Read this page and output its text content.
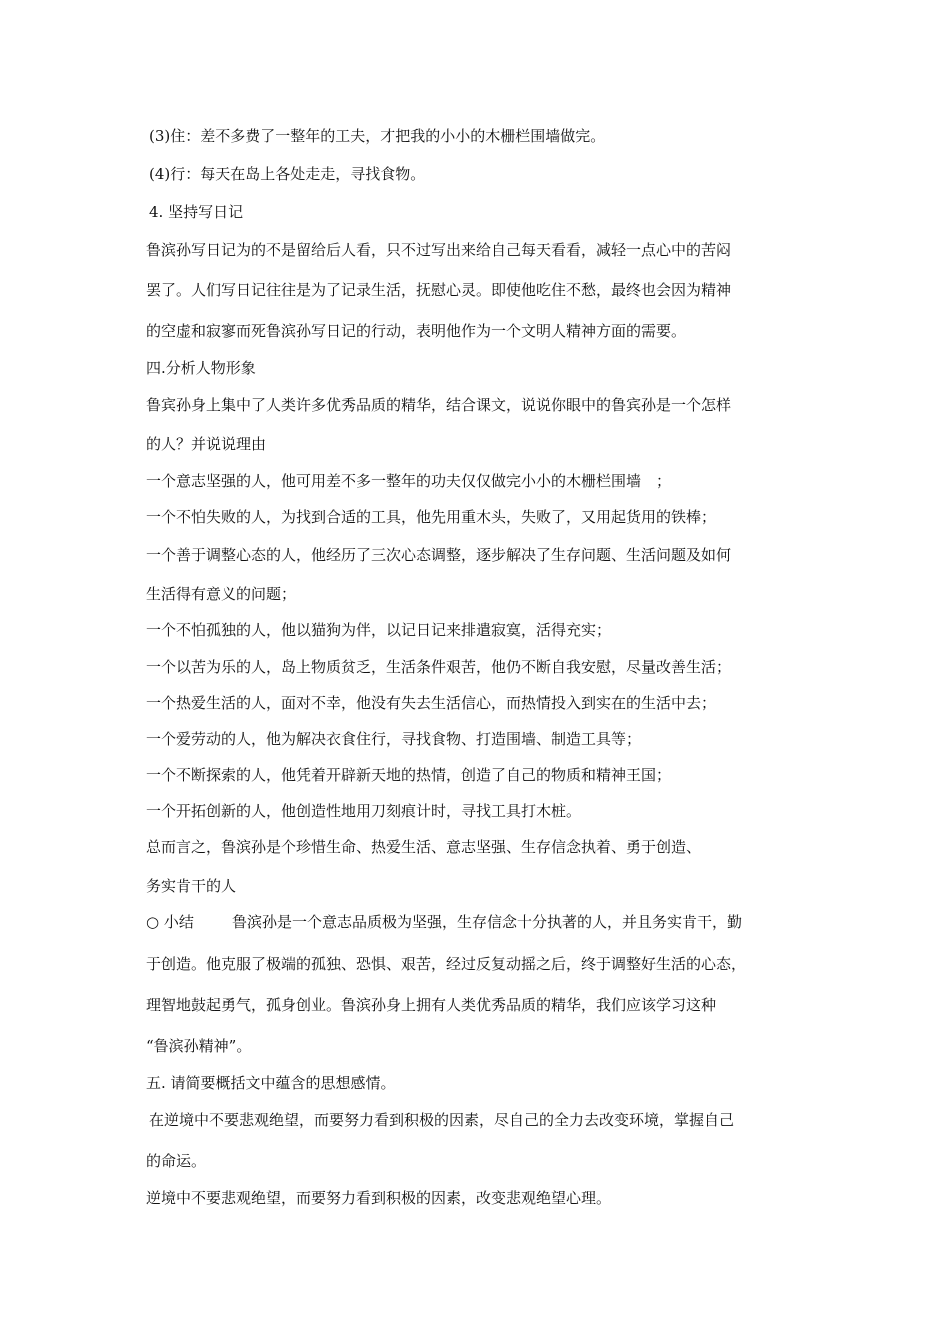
(3)住：差不多费了一整年的工夫，才把我的小小的木栅栏围墙做完。
(4)行：每天在岛上各处走走，寻找食物。
4. 坚持写日记
鲁滨孙写日记为的不是留给后人看，只不过写出来给自己每天看看，减轻一点心中的苦闷
罢了。人们写日记往往是为了记录生活，抚慰心灵。即使他吃住不愁，最终也会因为精神
的空虚和寂寥而死鲁滨孙写日记的行动，表明他作为一个文明人精神方面的需要。
四.分析人物形象
鲁宾孙身上集中了人类许多优秀品质的精华，结合课文，说说你眼中的鲁宾孙是一个怎样
的人？并说说理由
一个意志坚强的人，他可用差不多一整年的功夫仅仅做完小小的木栅栏围墙　；
一个不怕失败的人，为找到合适的工具，他先用重木头，失败了，又用起货用的铁棒；
一个善于调整心态的人，他经历了三次心态调整，逐步解决了生存问题、生活问题及如何
生活得有意义的问题；
一个不怕孤独的人，他以猫狗为伴，以记日记来排遣寂寞，活得充实；
一个以苦为乐的人，岛上物质贫乏，生活条件艰苦，他仍不断自我安慰，尽量改善生活；
一个热爱生活的人，面对不幸，他没有失去生活信心，而热情投入到实在的生活中去；
一个爱劳动的人，他为解决衣食住行，寻找食物、打造围墙、制造工具等；
一个不断探索的人，他凭着开辟新天地的热情，创造了自己的物质和精神王国；
一个开拓创新的人，他创造性地用刀刻痕计时，寻找工具打木桩。
总而言之，鲁滨孙是个珍惜生命、热爱生活、意志坚强、生存信念执着、勇于创造、
务实肯干的人
○ 小结	鲁滨孙是一个意志品质极为坚强，生存信念十分执著的人，并且务实肯干，勤
于创造。他克服了极端的孤独、恐惧、艰苦，经过反复动摇之后，终于调整好生活的心态，
理智地鼓起勇气，孤身创业。鲁滨孙身上拥有人类优秀品质的精华，我们应该学习这种
“鲁滨孙精神”。
五. 请简要概括文中蕴含的思想感情。
在逆境中不要悲观绝望，而要努力看到积极的因素，尽自己的全力去改变环境，掌握自己
的命运。
逆境中不要悲观绝望，而要努力看到积极的因素，改变悲观绝望心理。
